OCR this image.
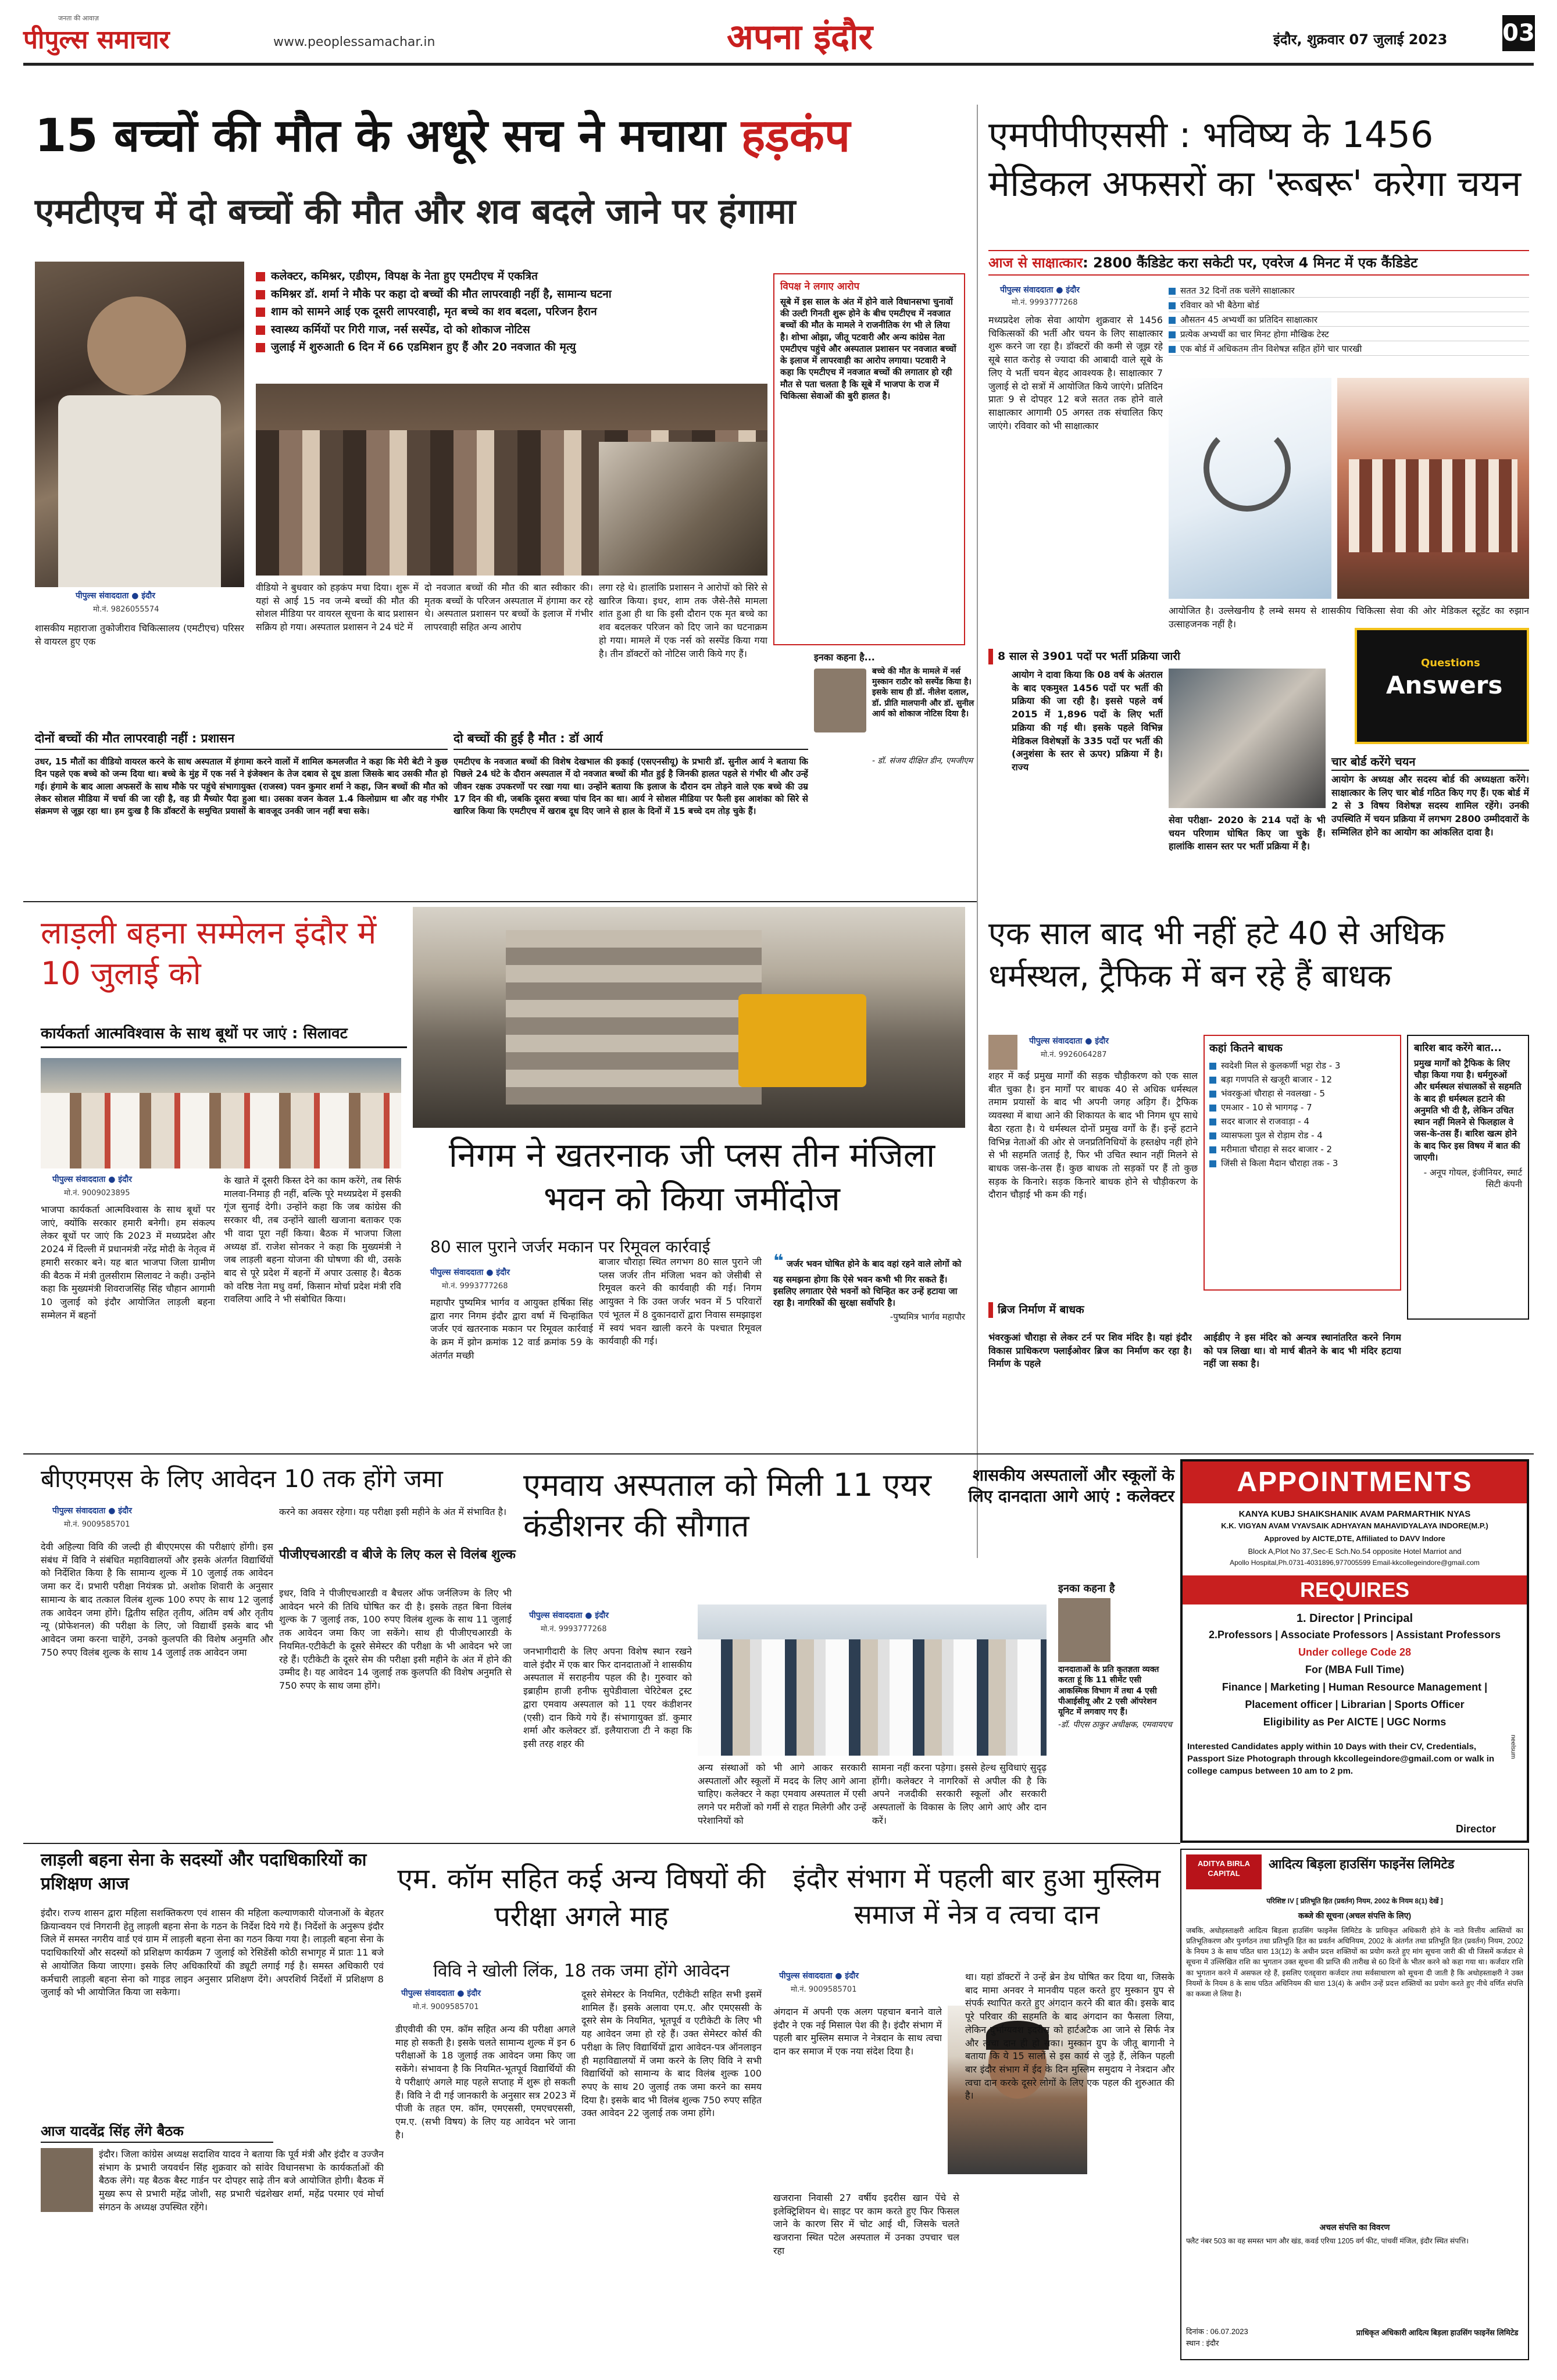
जनता की आवाज़
पीपुल्स समाचार	www.peoplessamachar.in	अपना इंदौर	इंदौर, शुक्रवार 07 जुलाई 2023 03
15 बच्चों की मौत के अधूरे सच ने मचाया हड़कंप
एमटीएच में दो बच्चों की मौत और शव बदले जाने पर हंगामा
पीपुल्स संवाददाता ● इंदौर
मो.नं. 9826055574
शासकीय महाराजा तुकोजीराव चिकित्सालय (एमटीएच) परिसर से वायरल हुए एक
कलेक्टर, कमिश्नर, एडीएम, विपक्ष के नेता हुए एमटीएच में एकत्रित
कमिश्नर डॉ. शर्मा ने मौके पर कहा दो बच्चों की मौत लापरवाही नहीं है, सामान्य घटना
शाम को सामने आई एक दूसरी लापरवाही, मृत बच्चे का शव बदला, परिजन हैरान
स्वास्थ्य कर्मियों पर गिरी गाज, नर्स सस्पेंड, दो को शोकाज नोटिस
जुलाई में शुरुआती 6 दिन में 66 एडमिशन हुए हैं और 20 नवजात की मृत्यु
वीडियो ने बुधवार को हड़कंप मचा दिया। शुरू में यहां से आई 15 नव जन्मे बच्चों की मौत की सोशल मीडिया पर वायरल सूचना के बाद प्रशासन सक्रिय हो गया। अस्पताल प्रशासन ने 24 घंटे में
दो नवजात बच्चों की मौत की बात स्वीकार की। मृतक बच्चों के परिजन अस्पताल में हंगामा कर रहे थे। अस्पताल प्रशासन पर बच्चों के इलाज में गंभीर लापरवाही सहित अन्य आरोप
लगा रहे थे। हालांकि प्रशासन ने आरोपों को सिरे से खारिज किया। इधर, शाम तक जैसे-तैसे मामला शांत हुआ ही था कि इसी दौरान एक मृत बच्चे का शव बदलकर परिजन को दिए जाने का घटनाक्रम हो गया। मामले में एक नर्स को सस्पेंड किया गया है। तीन डॉक्टरों को नोटिस जारी किये गए हैं।
विपक्ष ने लगाए आरोप
सूबे में इस साल के अंत में होने वाले विधानसभा चुनावों की उल्टी गिनती शुरू होने के बीच एमटीएच में नवजात बच्चों की मौत के मामले ने राजनीतिक रंग भी ले लिया है। शोभा ओझा, जीतू पटवारी और अन्य कांग्रेस नेता एमटीएच पहुंचे और अस्पताल प्रशासन पर नवजात बच्चों के इलाज में लापरवाही का आरोप लगाया। पटवारी ने कहा कि एमटीएच में नवजात बच्चों की लगातार हो रही मौत से पता चलता है कि सूबे में भाजपा के राज में चिकित्सा सेवाओं की बुरी हालत है।
इनका कहना है...
बच्चे की मौत के मामले में नर्स मुस्कान राठौर को सस्पेंड किया है। इसके साथ ही डॉ. नीलेश दलाल, डॉ. प्रीति मालपानी और डॉ. सुनील आर्य को शोकाज नोटिस दिया है।
- डॉ. संजय दीक्षित डीन, एमजीएम
दोनों बच्चों की मौत लापरवाही नहीं : प्रशासन
उधर, 15 मौतों का वीडियो वायरल करने के साथ अस्पताल में हंगामा करने वालों में शामिल कमलजीत ने कहा कि मेरी बेटी ने कुछ दिन पहले एक बच्चे को जन्म दिया था। बच्चे के मुंह में एक नर्स ने इंजेक्शन के तेज दबाव से दूध डाला जिसके बाद उसकी मौत हो गई। हंगामे के बाद आला अफसरों के साथ मौके पर पहुंचे संभागायुक्त (राजस्व) पवन कुमार शर्मा ने कहा, जिन बच्चों की मौत को लेकर सोशल मीडिया में चर्चा की जा रही है, वह प्री मैच्योर पैदा हुआ था। उसका वजन केवल 1.4 किलोग्राम था और वह गंभीर संक्रमण से जूझ रहा था। हम दुःख है कि डॉक्टरों के समुचित प्रयासों के बावजूद उनकी जान नहीं बचा सके।
दो बच्चों की हुई है मौत : डॉ आर्य
एमटीएच के नवजात बच्चों की विशेष देखभाल की इकाई (एसएनसीयू) के प्रभारी डॉ. सुनील आर्य ने बताया कि पिछले 24 घंटे के दौरान अस्पताल में दो नवजात बच्चों की मौत हुई है जिनकी हालत पहले से गंभीर थी और उन्हें जीवन रक्षक उपकरणों पर रखा गया था। उन्होंने बताया कि इलाज के दौरान दम तोड़ने वाले एक बच्चे की उम्र 17 दिन की थी, जबकि दूसरा बच्चा पांच दिन का था। आर्य ने सोशल मीडिया पर फैली इस आशंका को सिरे से खारिज किया कि एमटीएच में खराब दूध दिए जाने से हाल के दिनों में 15 बच्चे दम तोड़ चुके हैं।
एमपीपीएससी : भविष्य के 1456 मेडिकल अफसरों का 'रूबरू' करेगा चयन
आज से साक्षात्कार: 2800 कैंडिडेट करा सकेटी पर, एवरेज 4 मिनट में एक कैंडिडेट
पीपुल्स संवाददाता ● इंदौर
मो.नं. 9993777268
मध्यप्रदेश लोक सेवा आयोग शुक्रवार से 1456 चिकित्सकों की भर्ती और चयन के लिए साक्षात्कार शुरू करने जा रहा है। डॉक्टरों की कमी से जूझ रहे सूबे सात करोड़ से ज्यादा की आबादी वाले सूबे के लिए ये भर्ती चयन बेहद आवश्यक है। साक्षात्कार 7 जुलाई से दो सत्रों में आयोजित किये जाएंगे। प्रतिदिन प्रातः 9 से दोपहर 12 बजे सतत तक होने वाले साक्षात्कार आगामी 05 अगस्त तक संचालित किए जाएंगे। रविवार को भी साक्षात्कार
सतत 32 दिनों तक चलेंगे साक्षात्कार
रविवार को भी बैठेगा बोर्ड
औसतन 45 अभ्यर्थी का प्रतिदिन साक्षात्कार
प्रत्येक अभ्यर्थी का चार मिनट होगा मौखिक टेस्ट
एक बोर्ड में अधिकतम तीन विशेषज्ञ सहित होंगे चार पारखी
आयोजित है। उल्लेखनीय है लम्बे समय से शासकीय चिकित्सा सेवा की ओर मेडिकल स्टूडेंट का रुझान उत्साहजनक नहीं है।
8 साल से 3901 पदों पर भर्ती प्रक्रिया जारी
आयोग ने दावा किया कि 08 वर्ष के अंतराल के बाद एकमुश्त 1456 पदों पर भर्ती की प्रक्रिया की जा रही है। इससे पहले वर्ष 2015 में 1,896 पदों के लिए भर्ती प्रक्रिया की गई थी। इसके पहले विभिन्न मेडिकल विशेषज्ञों के 335 पदों पर भर्ती की (अनुशंसा के स्तर से ऊपर) प्रक्रिया में है। राज्य
सेवा परीक्षा- 2020 के 214 पदों के भी चयन परिणाम घोषित किए जा चुके हैं। हालांकि शासन स्तर पर भर्ती प्रक्रिया में है।
Questions
Answers
चार बोर्ड करेंगे चयन
आयोग के अध्यक्ष और सदस्य बोर्ड की अध्यक्षता करेंगे। साक्षात्कार के लिए चार बोर्ड गठित किए गए हैं। एक बोर्ड में 2 से 3 विषय विशेषज्ञ सदस्य शामिल रहेंगे। उनकी उपस्थिति में चयन प्रक्रिया में लगभग 2800 उम्मीदवारों के सम्मिलित होने का आयोग का आंकलित दावा है।
लाड़ली बहना सम्मेलन इंदौर में 10 जुलाई को
कार्यकर्ता आत्मविश्वास के साथ बूथों पर जाएं : सिलावट
पीपुल्स संवाददाता ● इंदौर
मो.नं. 9009023895
भाजपा कार्यकर्ता आत्मविश्वास के साथ बूथों पर जाएं, क्योंकि सरकार हमारी बनेगी। हम संकल्प लेकर बूथों पर जाएं कि 2023 में मध्यप्रदेश और 2024 में दिल्ली में प्रधानमंत्री नरेंद्र मोदी के नेतृत्व में हमारी सरकार बने। यह बात भाजपा जिला ग्रामीण की बैठक में मंत्री तुलसीराम सिलावट ने कही। उन्होंने कहा कि मुख्यमंत्री शिवराजसिंह सिंह चौहान आगामी 10 जुलाई को इंदौर आयोजित लाड़ली बहना सम्मेलन में बहनों
के खाते में दूसरी किस्त देने का काम करेंगे, तब सिर्फ मालवा-निमाड़ ही नहीं, बल्कि पूरे मध्यप्रदेश में इसकी गूंज सुनाई देगी। उन्होंने कहा कि जब कांग्रेस की सरकार थी, तब उन्होंने खाली खजाना बताकर एक भी वादा पूरा नहीं किया। बैठक में भाजपा जिला अध्यक्ष डॉ. राजेश सोनकर ने कहा कि मुख्यमंत्री ने जब लाड़ली बहना योजना की घोषणा की थी, उसके बाद से पूरे प्रदेश में बहनों में अपार उत्साह है। बैठक को वरिष्ठ नेता मधु वर्मा, किसान मोर्चा प्रदेश मंत्री रवि रावलिया आदि ने भी संबोधित किया।
निगम ने खतरनाक जी प्लस तीन मंजिला भवन को किया जमींदोज
80 साल पुराने जर्जर मकान पर रिमूवल कार्रवाई
पीपुल्स संवाददाता ● इंदौर
मो.नं. 9993777268
महापौर पुष्यमित्र भार्गव व आयुक्त हर्षिका सिंह द्वारा नगर निगम इंदौर द्वारा वर्षा में चिन्हांकित जर्जर एवं खतरनाक मकान पर रिमूवल कार्रवाई के क्रम में झोन क्रमांक 12 वार्ड क्रमांक 59 के अंतर्गत मच्छी
बाजार चौराहा स्थित लगभग 80 साल पुराने जी प्लस जर्जर तीन मंजिला भवन को जेसीबी से रिमूवल करने की कार्यवाही की गई। निगम आयुक्त ने कि उक्त जर्जर भवन में 5 परिवारों एवं भूतल में 8 दुकानदारों द्वारा निवास समझाइश में स्वयं भवन खाली करने के पश्चात रिमूवल कार्यवाही की गई।
❝ जर्जर भवन घोषित होने के बाद वहां रहने वाले लोगों को यह समझना होगा कि ऐसे भवन कभी भी गिर सकते हैं। इसलिए लगातार ऐसे भवनों को चिन्हित कर उन्हें हटाया जा रहा है। नागरिकों की सुरक्षा सर्वोपरि है।
-पुष्यमित्र भार्गव महापौर
एक साल बाद भी नहीं हटे 40 से अधिक धर्मस्थल, ट्रैफिक में बन रहे हैं बाधक
पीपुल्स संवाददाता ● इंदौर
मो.नं. 9926064287
शहर में कई प्रमुख मार्गों की सड़क चौड़ीकरण को एक साल बीत चुका है। इन मार्गों पर बाधक 40 से अधिक धर्मस्थल तमाम प्रयासों के बाद भी अपनी जगह अड़िग हैं। ट्रैफिक व्यवस्था में बाधा आने की शिकायत के बाद भी निगम धूप साधे बैठा रहता है। ये धर्मस्थल दोनों प्रमुख वर्गों के हैं। इन्हें हटाने विभिन्न नेताओं की ओर से जनप्रतिनिधियों के हस्तक्षेप नहीं होने से भी सहमति जताई है, फिर भी उचित स्थान नहीं मिलने से बाधक जस-के-तस हैं। कुछ बाधक तो सड़कों पर हैं तो कुछ सड़क के किनारे। सड़क किनारे बाधक होने से चौड़ीकरण के दौरान चौड़ाई भी कम की गई।
कहां कितने बाधक
स्वदेशी मिल से कुलकर्णी भट्टा रोड - 3
बड़ा गणपति से खजूरी बाजार - 12
भंवरकुआं चौराहा से नवलखा - 5
एमआर - 10 से भागगढ़ - 7
सदर बाजार से राजवाड़ा - 4
व्यासफला पुल से रोड़ाम रोड - 4
मरीमाता चौराहा से सदर बाजार - 2
जिंसी से किला मैदान चौराहा तक - 3
बारिश बाद करेंगे बात...
प्रमुख मार्गों को ट्रैफिक के लिए चौड़ा किया गया है। धर्मगुरुओं और धर्मस्थल संचालकों से सहमति के बाद ही धर्मस्थल हटाने की अनुमति भी दी है, लेकिन उचित स्थान नहीं मिलने से फिलहाल वे जस-के-तस हैं। बारिश खत्म होने के बाद फिर इस विषय में बात की जाएगी।
- अनूप गोयल, इंजीनियर, स्मार्ट सिटी कंपनी
ब्रिज निर्माण में बाधक
भंवरकुआं चौराहा से लेकर टर्न पर शिव मंदिर है। यहां इंदौर विकास प्राधिकरण फ्लाईओवर ब्रिज का निर्माण कर रहा है। निर्माण के पहले
आईडीए ने इस मंदिर को अन्यत्र स्थानांतरित करने निगम को पत्र लिखा था। वो मार्च बीतने के बाद भी मंदिर हटाया नहीं जा सका है।
बीएएमएस के लिए आवेदन 10 तक होंगे जमा
पीपुल्स संवाददाता ● इंदौर
मो.नं. 9009585701
देवी अहिल्या विवि की जल्दी ही बीएएमएस की परीक्षाएं होंगी। इस संबंध में विवि ने संबंधित महाविद्यालयों और इसके अंतर्गत विद्यार्थियों को निर्देशित किया है कि सामान्य शुल्क में 10 जुलाई तक आवेदन जमा कर दें। प्रभारी परीक्षा नियंत्रक प्रो. अशोक शिवारी के अनुसार सामान्य के बाद तत्काल विलंब शुल्क 100 रुपए के साथ 12 जुलाई तक आवेदन जमा होंगे। द्वितीय सहित तृतीय, अंतिम वर्ष और तृतीय न्यू (प्रोफेशनल) की परीक्षा के लिए, जो विद्यार्थी इसके बाद भी आवेदन जमा करना चाहेंगे, उनको कुलपति की विशेष अनुमति और 750 रुपए विलंब शुल्क के साथ 14 जुलाई तक आवेदन जमा
करने का अवसर रहेगा। यह परीक्षा इसी महीने के अंत में संभावित है।
पीजीएचआरडी व बीजे के लिए कल से विलंब शुल्क
इधर, विवि ने पीजीएचआरडी व बैचलर ऑफ जर्नलिज्म के लिए भी आवेदन भरने की तिथि घोषित कर दी है। इसके तहत बिना विलंब शुल्क के 7 जुलाई तक, 100 रुपए विलंब शुल्क के साथ 11 जुलाई तक आवेदन जमा किए जा सकेंगे। साथ ही पीजीएचआरडी के नियमित-एटीकेटी के दूसरे सेमेस्टर की परीक्षा के भी आवेदन भरे जा रहे हैं। एटीकेटी के दूसरे सेम की परीक्षा इसी महीने के अंत में होने की उम्मीद है। यह आवेदन 14 जुलाई तक कुलपति की विशेष अनुमति से 750 रुपए के साथ जमा होंगे।
एमवाय अस्पताल को मिली 11 एयर कंडीशनर की सौगात
पीपुल्स संवाददाता ● इंदौर
मो.नं. 9993777268
जनभागीदारी के लिए अपना विशेष स्थान रखने वाले इंदौर में एक बार फिर दानदाताओं ने शासकीय अस्पताल में सराहनीय पहल की है। गुरुवार को इब्राहीम हाजी हनीफ सुपेडीवाला चेरिटेबल ट्रस्ट द्वारा एमवाय अस्पताल को 11 एयर कंडीशनर (एसी) दान किये गये हैं। संभागायुक्त डॉ. कुमार शर्मा और कलेक्टर डॉ. इलैयाराजा टी ने कहा कि इसी तरह शहर की
अन्य संस्थाओं को भी आगे आकर सरकारी अस्पतालों और स्कूलों में मदद के लिए आगे आना चाहिए। कलेक्टर ने कहा एमवाय अस्पताल में एसी लगने पर मरीजों को गर्मी से राहत मिलेगी और उन्हें परेशानियों को
सामना नहीं करना पड़ेगा। इससे हेल्थ सुविधाएं सुदृढ़ होंगी। कलेक्टर ने नागरिकों से अपील की है कि अपने नजदीकी सरकारी स्कूलों और सरकारी अस्पतालों के विकास के लिए आगे आएं और दान करें।
शासकीय अस्पतालों और स्कूलों के लिए दानदाता आगे आएं : कलेक्टर
इनका कहना है
दानदाताओं के प्रति कृतज्ञता व्यक्त करता हूं कि 11 सीमेंट एसी आकस्मिक विभाग में तथा 4 एसी पीआईसीयू और 2 एसी ऑपरेशन यूनिट में लगवाए गए हैं।
-डॉ. पीएस ठाकुर अधीक्षक, एमवायएच
APPOINTMENTS
KANYA KUBJ SHAIKSHANIK AVAM PARMARTHIK NYAS
K.K. VIGYAN AVAM VYAVSAIK ADHYAYAN MAHAVIDYALAYA INDORE(M.P.)
Approved by AICTE,DTE, Affiliated to DAVV Indore
Block A,Plot No 37,Sec-E Sch.No.54 opposite Hotel Marriot and
Apollo Hospital,Ph.0731-4031896,977005599 Email-kkcollegeindore@gmail.com
REQUIRES
1. Director | Principal
2.Professors | Associate Professors | Assistant Professors
Under college Code 28
For (MBA Full Time)
Finance | Marketing | Human Resource Management |
Placement officer | Librarian | Sports Officer
Eligibility as Per AICTE | UGC Norms
neelsum
Interested Candidates apply within 10 Days with their CV, Credentials, Passport Size Photograph through kkcollegeindore@gmail.com or walk in college campus between 10 am to 2 pm.
Director
लाड़ली बहना सेना के सदस्यों और पदाधिकारियों का प्रशिक्षण आज
इंदौर। राज्य शासन द्वारा महिला सशक्तिकरण एवं शासन की महिला कल्याणकारी योजनाओं के बेहतर क्रियान्वयन एवं निगरानी हेतु लाड़ली बहना सेना के गठन के निर्देश दिये गये हैं। निर्देशों के अनुरूप इंदौर जिले में समस्त नगरीय वार्ड एवं ग्राम में लाड़ली बहना सेना का गठन किया गया है। लाड़ली बहना सेना के पदाधिकारियों और सदस्यों को प्रशिक्षण कार्यक्रम 7 जुलाई को रेसिडेंसी कोठी सभागृह में प्रातः 11 बजे से आयोजित किया जाएगा। इसके लिए अधिकारियों की ड्यूटी लगाई गई है। समस्त अधिकारी एवं कर्मचारी लाड़ली बहना सेना को गाइड लाइन अनुसार प्रशिक्षण देंगे। अपरशिर्य निर्देशों में प्रशिक्षण 8 जुलाई को भी आयोजित किया जा सकेगा।
आज यादवेंद्र सिंह लेंगे बैठक
इंदौर। जिला कांग्रेस अध्यक्ष सदाशिव यादव ने बताया कि पूर्व मंत्री और इंदौर व उज्जैन संभाग के प्रभारी जयवर्धन सिंह शुक्रवार को सांवेर विधानसभा के कार्यकर्ताओं की बैठक लेंगे। यह बैठक बैस्ट गार्डन पर दोपहर साढ़े तीन बजे आयोजित होगी। बैठक में मुख्य रूप से प्रभारी महेंद्र जोशी, सह प्रभारी चंद्रशेखर शर्मा, महेंद्र परमार एवं मोर्चा संगठन के अध्यक्ष उपस्थित रहेंगे।
एम. कॉम सहित कई अन्य विषयों की परीक्षा अगले माह
विवि ने खोली लिंक, 18 तक जमा होंगे आवेदन
पीपुल्स संवाददाता ● इंदौर
मो.नं. 9009585701
डीएवीवी की एम. कॉम सहित अन्य की परीक्षा अगले माह हो सकती है। इसके चलते सामान्य शुल्क में इन 6 परीक्षाओं के 18 जुलाई तक आवेदन जमा किए जा सकेंगे। संभावना है कि नियमित-भूतपूर्व विद्यार्थियों की ये परीक्षाएं अगले माह पहले सप्ताह में शुरू हो सकती हैं। विवि ने दी गई जानकारी के अनुसार सत्र 2023 में पीजी के तहत एम. कॉम, एमएससी, एमएचएससी, एम.ए. (सभी विषय) के लिए यह आवेदन भरे जाना है।
दूसरे सेमेस्टर के नियमित, एटीकेटी सहित सभी इसमें शामिल हैं। इसके अलावा एम.ए. और एमएससी के दूसरे सेम के नियमित, भूतपूर्व व एटीकेटी के लिए भी यह आवेदन जमा हो रहे हैं। उक्त सेमेस्टर कोर्स की परीक्षा के लिए विद्यार्थियों द्वारा आवेदन-पत्र ऑनलाइन ही महाविद्यालयों में जमा करने के लिए विवि ने सभी विद्यार्थियों को सामान्य के बाद विलंब शुल्क 100 रुपए के साथ 20 जुलाई तक जमा करने का समय दिया है। इसके बाद भी विलंब शुल्क 750 रुपए सहित उक्त आवेदन 22 जुलाई तक जमा होंगे।
इंदौर संभाग में पहली बार हुआ मुस्लिम समाज में नेत्र व त्वचा दान
पीपुल्स संवाददाता ● इंदौर
मो.नं. 9009585701
अंगदान में अपनी एक अलग पहचान बनाने वाले इंदौर ने एक नई मिसाल पेश की है। इंदौर संभाग में पहली बार मुस्लिम समाज ने नेत्रदान के साथ त्वचा दान कर समाज में एक नया संदेश दिया है।
खजराना निवासी 27 वर्षीय इदरीस खान पेंचे से इलेक्ट्रिशियन थे। साइट पर काम करते हुए फिर फिसल जाने के कारण सिर में चोट आई थी, जिसके चलते खजराना स्थित पटेल अस्पताल में उनका उपचार चल रहा
था। यहां डॉक्टरों ने उन्हें ब्रेन डेथ घोषित कर दिया था, जिसके बाद मामा अनवर ने मानवीय पहल करते हुए मुस्कान ग्रुप से संपर्क स्थापित करते हुए अंगदान करने की बात की। इसके बाद पूरे परिवार की सहमति के बाद अंगदान का फैसला लिया, लेकिन दुर्भाग्यवश इदरीस को हार्टअटैक आ जाने से सिर्फ नेत्र और त्वचा दान ही हो सका। मुस्कान ग्रुप के जीतू बागानी ने बताया कि ये 15 सालों से इस कार्य से जुड़े हैं, लेकिन पहली बार इंदौर संभाग में ईद के दिन मुस्लिम समुदाय ने नेत्रदान और त्वचा दान करके दूसरे लोगों के लिए एक पहल की शुरुआत की है।
ADITYA BIRLA CAPITAL
आदित्य बिड़ला हाउसिंग फाइनेंस लिमिटेड
परिशिष्ट IV [ प्रतिभूति हित (प्रवर्तन) नियम, 2002 के नियम 8(1) देखें ]
कब्जे की सूचना (अचल संपत्ति के लिए)
जबकि, अधोहस्ताक्षरी आदित्य बिड़ला हाउसिंग फाइनेंस लिमिटेड के प्राधिकृत अधिकारी होने के नाते वित्तीय आस्तियों का प्रतिभूतिकरण और पुनर्गठन तथा प्रतिभूति हित का प्रवर्तन अधिनियम, 2002 के अंतर्गत तथा प्रतिभूति हित (प्रवर्तन) नियम, 2002 के नियम 3 के साथ पठित धारा 13(12) के अधीन प्रदत्त शक्तियों का प्रयोग करते हुए मांग सूचना जारी की थी जिसमें कर्जदार से सूचना में उल्लिखित राशि का भुगतान उक्त सूचना की प्राप्ति की तारीख से 60 दिनों के भीतर करने को कहा गया था। कर्जदार राशि का भुगतान करने में असफल रहे हैं, इसलिए एतद्द्वारा कर्जदार तथा सर्वसाधारण को सूचना दी जाती है कि अधोहस्ताक्षरी ने उक्त नियमों के नियम 8 के साथ पठित अधिनियम की धारा 13(4) के अधीन उन्हें प्रदत्त शक्तियों का प्रयोग करते हुए नीचे वर्णित संपत्ति का कब्जा ले लिया है।
अचल संपत्ति का विवरण
फ्लैट नंबर 503 का वह समस्त भाग और खंड, कवर्ड एरिया 1205 वर्ग फीट, पांचवीं मंजिल, इंदौर स्थित संपत्ति।
दिनांक : 06.07.2023
स्थान : इंदौर
प्राधिकृत अधिकारी आदित्य बिड़ला हाउसिंग फाइनेंस लिमिटेड
